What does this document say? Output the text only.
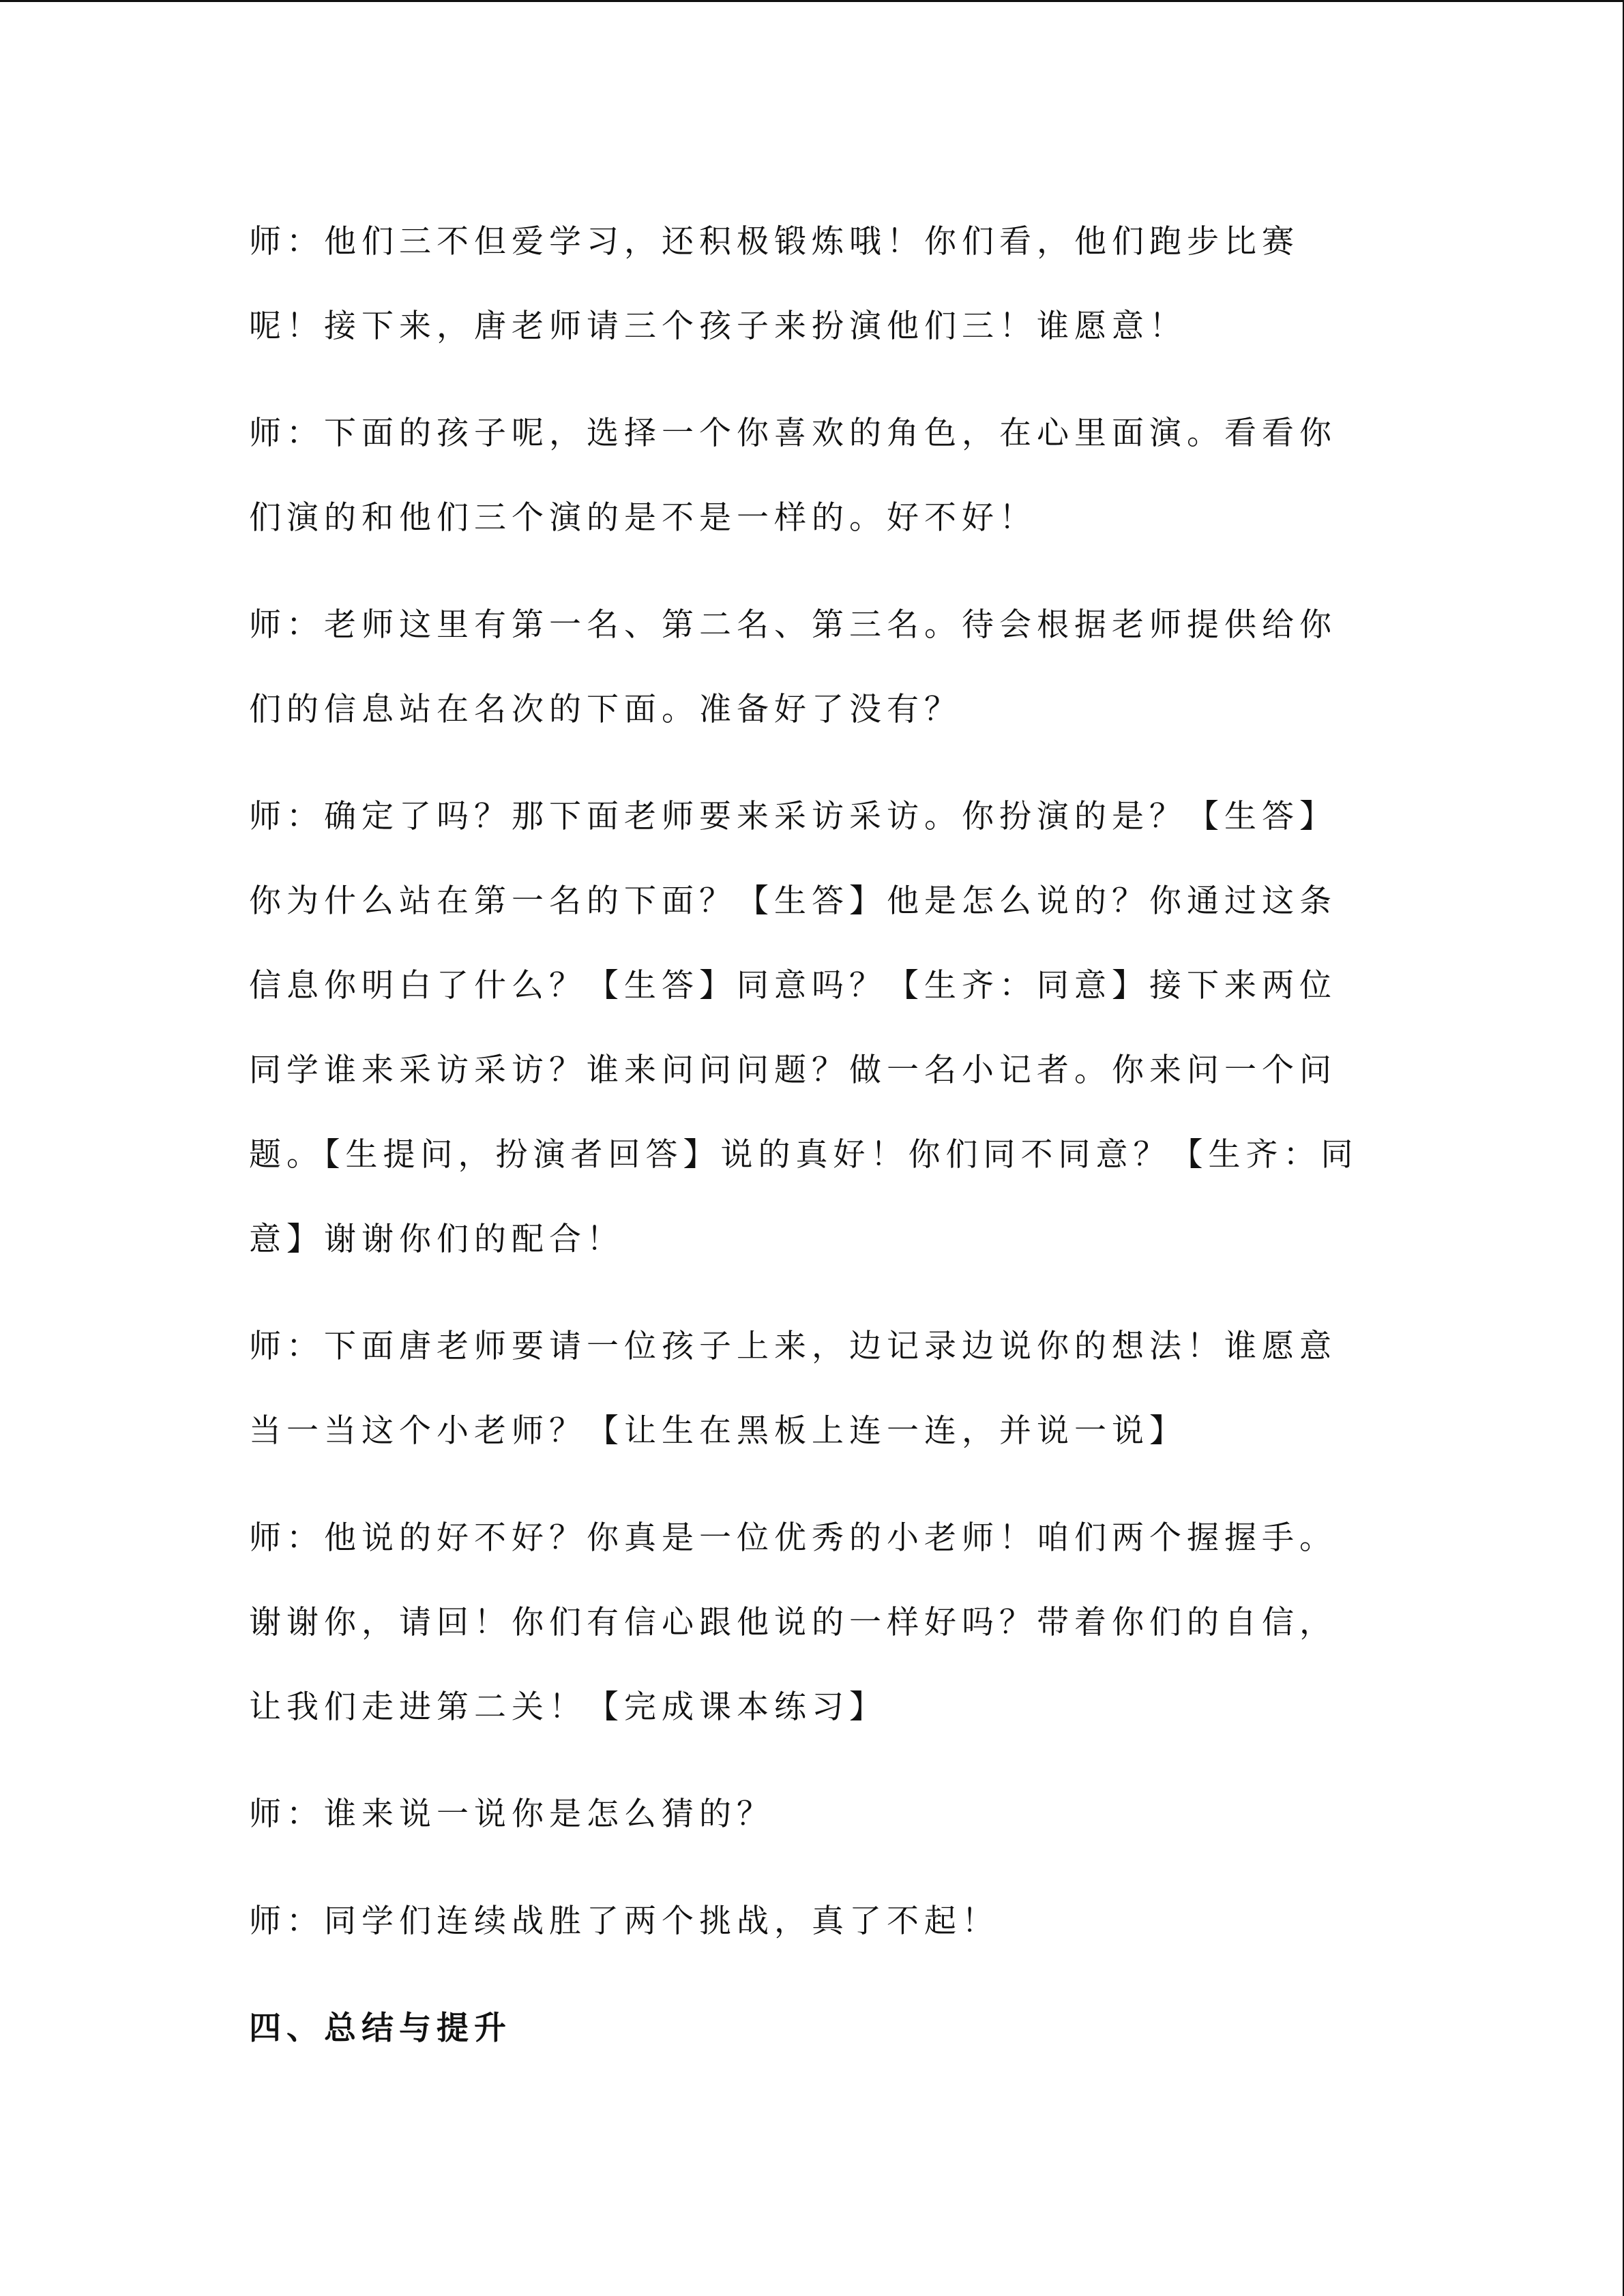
师：他们三不但爱学习，还积极锻炼哦！你们看，他们跑步比赛
呢！接下来，唐老师请三个孩子来扮演他们三！谁愿意！
师：下面的孩子呢，选择一个你喜欢的角色，在心里面演。看看你
们演的和他们三个演的是不是一样的。好不好！
师：老师这里有第一名、第二名、第三名。待会根据老师提供给你
们的信息站在名次的下面。准备好了没有？
师：确定了吗？那下面老师要来采访采访。你扮演的是？【生答】
你为什么站在第一名的下面？【生答】他是怎么说的？你通过这条
信息你明白了什么？【生答】同意吗？【生齐：同意】接下来两位
同学谁来采访采访？谁来问问问题？做一名小记者。你来问一个问
题。【生提问，扮演者回答】说的真好！你们同不同意？【生齐：同
意】谢谢你们的配合！
师：下面唐老师要请一位孩子上来，边记录边说你的想法！谁愿意
当一当这个小老师？【让生在黑板上连一连，并说一说】
师：他说的好不好？你真是一位优秀的小老师！咱们两个握握手。
谢谢你，请回！你们有信心跟他说的一样好吗？带着你们的自信，
让我们走进第二关！【完成课本练习】
师：谁来说一说你是怎么猜的？
师：同学们连续战胜了两个挑战，真了不起！
四、总结与提升
